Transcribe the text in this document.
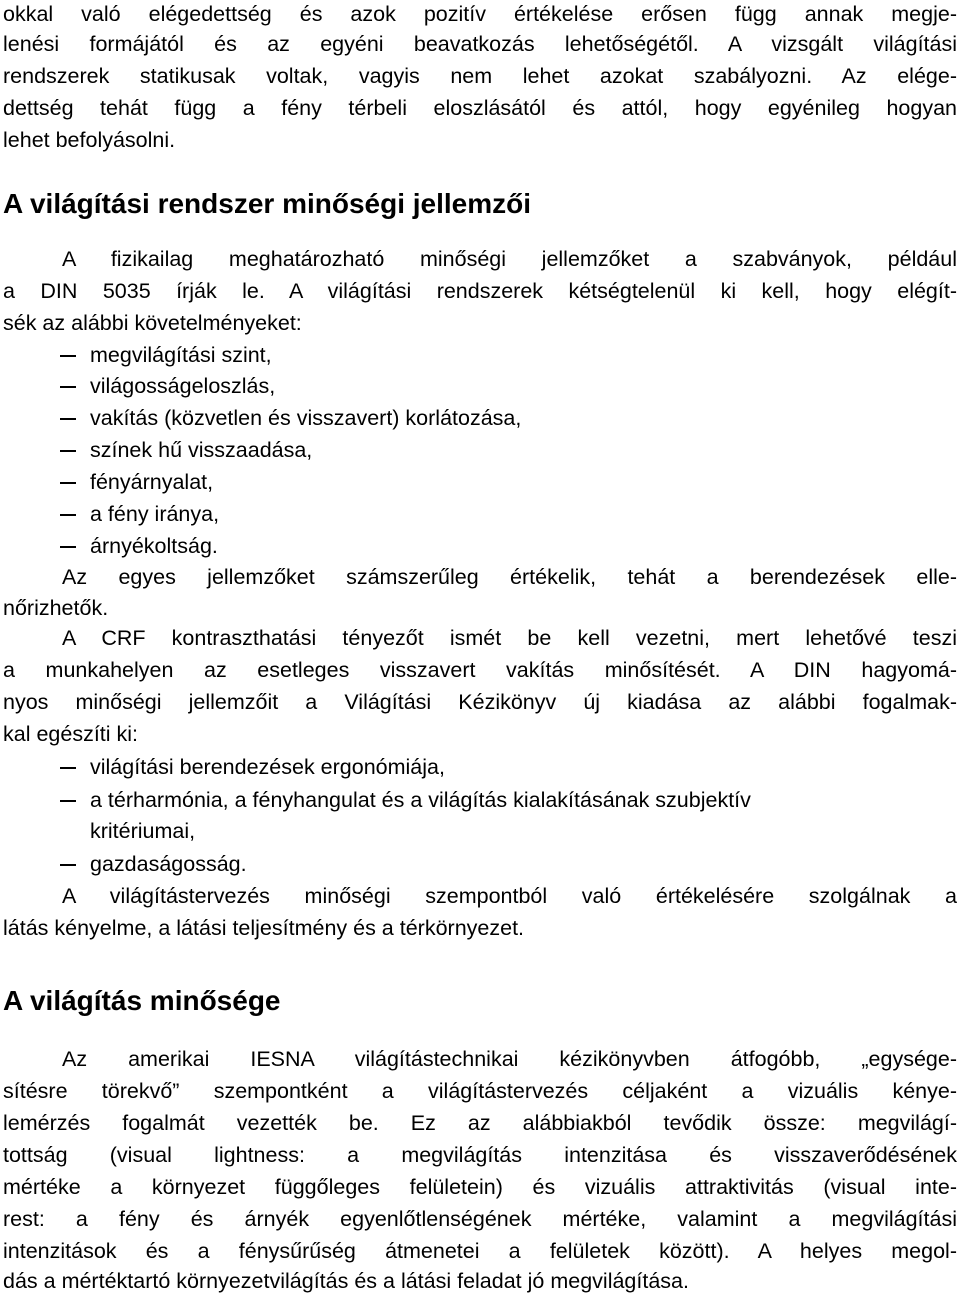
okkal való elégedettség és azok pozitív értékelése erősen függ annak megje-
lenési formájától és az egyéni beavatkozás lehetőségétől. A vizsgált világítási
rendszerek statikusak voltak, vagyis nem lehet azokat szabályozni. Az elége-
dettség tehát függ a fény térbeli eloszlásától és attól, hogy egyénileg hogyan
lehet befolyásolni.
A világítási rendszer minőségi jellemzői
A fizikailag meghatározható minőségi jellemzőket a szabványok, például
a DIN 5035 írják le. A világítási rendszerek kétségtelenül ki kell, hogy elégít-
sék az alábbi követelményeket:
megvilágítási szint,
világosságeloszlás,
vakítás (közvetlen és visszavert) korlátozása,
színek hű visszaadása,
fényárnyalat,
a fény iránya,
árnyékoltság.
Az egyes jellemzőket számszerűleg értékelik, tehát a berendezések elle-
nőrizhetők.
A CRF kontraszthatási tényezőt ismét be kell vezetni, mert lehetővé teszi
a munkahelyen az esetleges visszavert vakítás minősítését. A DIN hagyomá-
nyos minőségi jellemzőit a Világítási Kézikönyv új kiadása az alábbi fogalmak-
kal egészíti ki:
világítási berendezések ergonómiája,
a térharmónia, a fényhangulat és a világítás kialakításának szubjektív
kritériumai,
gazdaságosság.
A világítástervezés minőségi szempontból való értékelésére szolgálnak a
látás kényelme, a látási teljesítmény és a térkörnyezet.
A világítás minősége
Az amerikai IESNA világítástechnikai kézikönyvben átfogóbb, „egysége-
sítésre törekvő” szempontként a világítástervezés céljaként a vizuális kénye-
lemérzés fogalmát vezették be. Ez az alábbiakból tevődik össze: megvilágí-
tottság (visual lightness: a megvilágítás intenzitása és visszaverődésének
mértéke a környezet függőleges felületein) és vizuális attraktivitás (visual inte-
rest: a fény és árnyék egyenlőtlenségének mértéke, valamint a megvilágítási
intenzitások és a fénysűrűség átmenetei a felületek között). A helyes megol-
dás a mértéktartó környezetvilágítás és a látási feladat jó megvilágítása.
